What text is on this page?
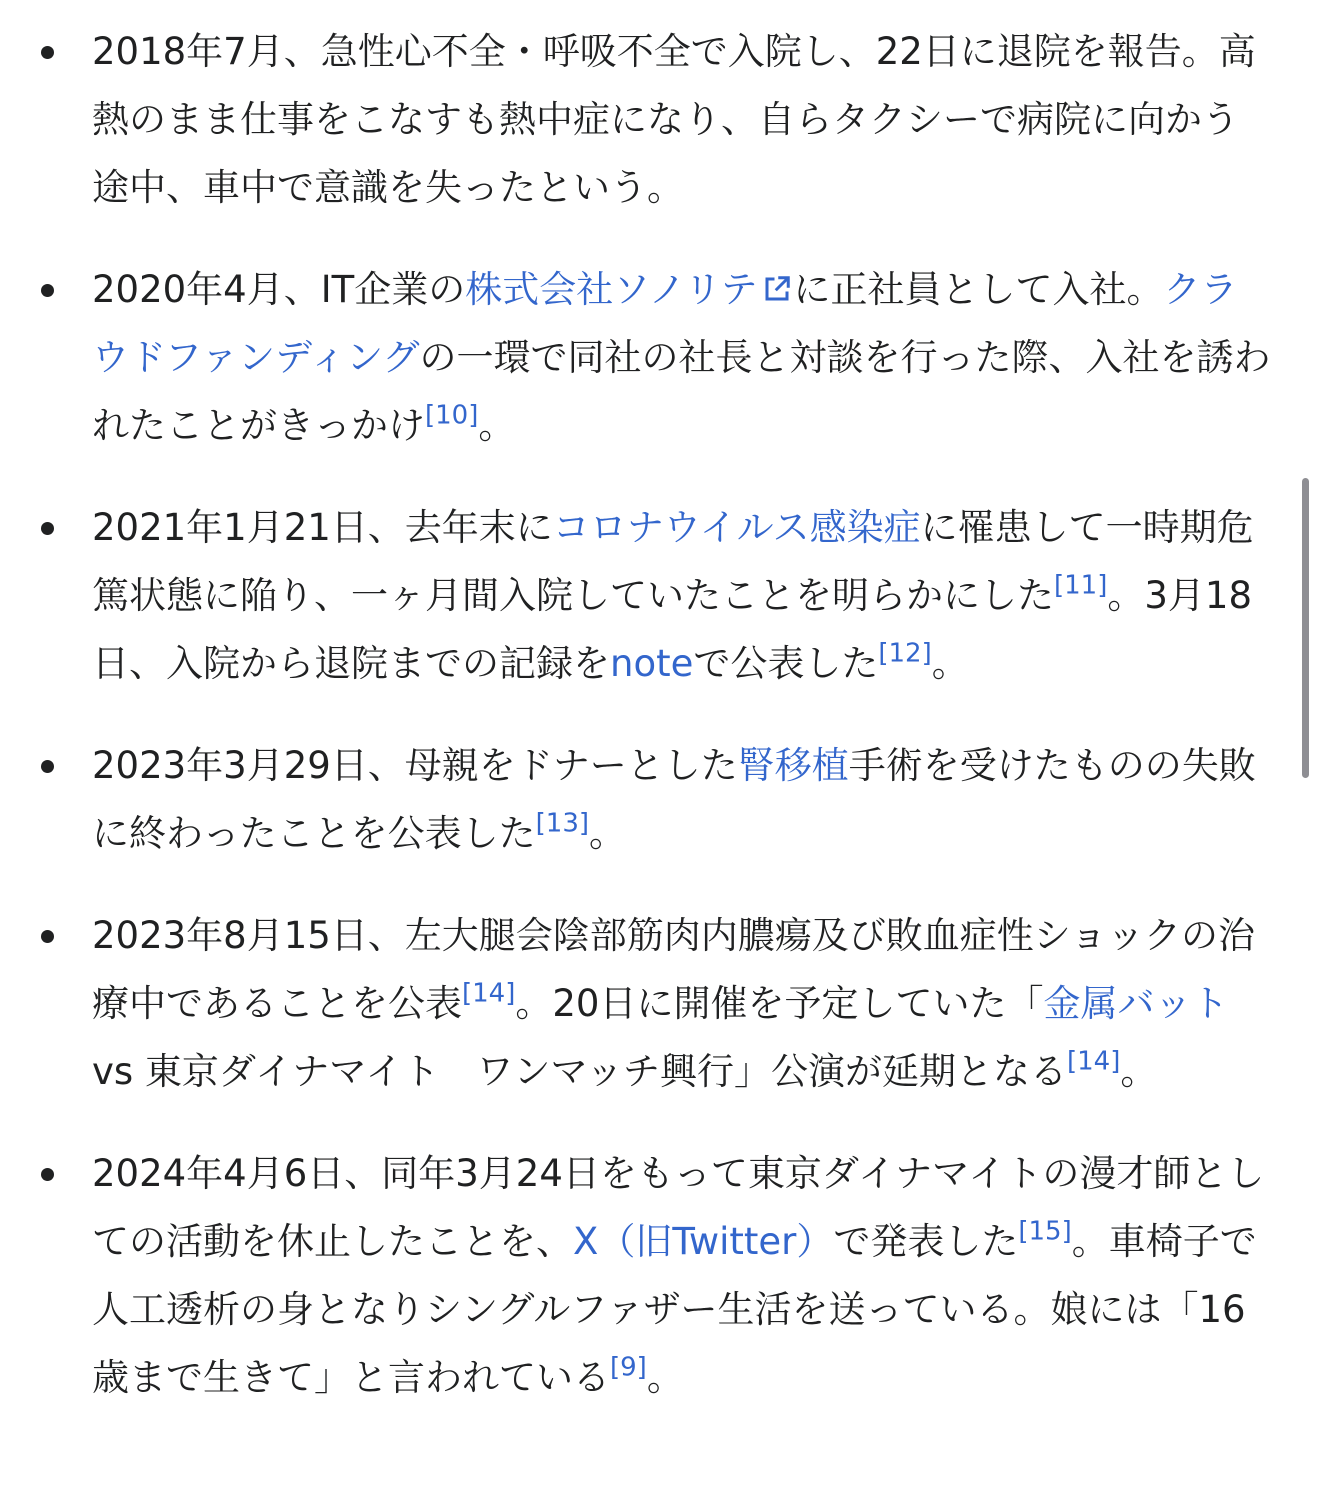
2018年7月、急性心不全・呼吸不全で入院し、22日に退院を報告。高熱のまま仕事をこなすも熱中症になり、自らタクシーで病院に向かう途中、車中で意識を失ったという。
2020年4月、IT企業の株式会社ソノリテ に正社員として入社。クラウドファンディングの一環で同社の社長と対談を行った際、入社を誘われたことがきっかけ[10]。
2021年1月21日、去年末にコロナウイルス感染症に罹患して一時期危篤状態に陥り、一ヶ月間入院していたことを明らかにした[11]。3月18日、入院から退院までの記録をnoteで公表した[12]。
2023年3月29日、母親をドナーとした腎移植手術を受けたものの失敗に終わったことを公表した[13]。
2023年8月15日、左大腿会陰部筋肉内膿瘍及び敗血症性ショックの治療中であることを公表[14]。20日に開催を予定していた「金属バット vs 東京ダイナマイト　ワンマッチ興行」公演が延期となる[14]。
2024年4月6日、同年3月24日をもって東京ダイナマイトの漫才師としての活動を休止したことを、X（旧Twitter）で発表した[15]。車椅子で人工透析の身となりシングルファザー生活を送っている。娘には「16歳まで生きて」と言われている[9]。
